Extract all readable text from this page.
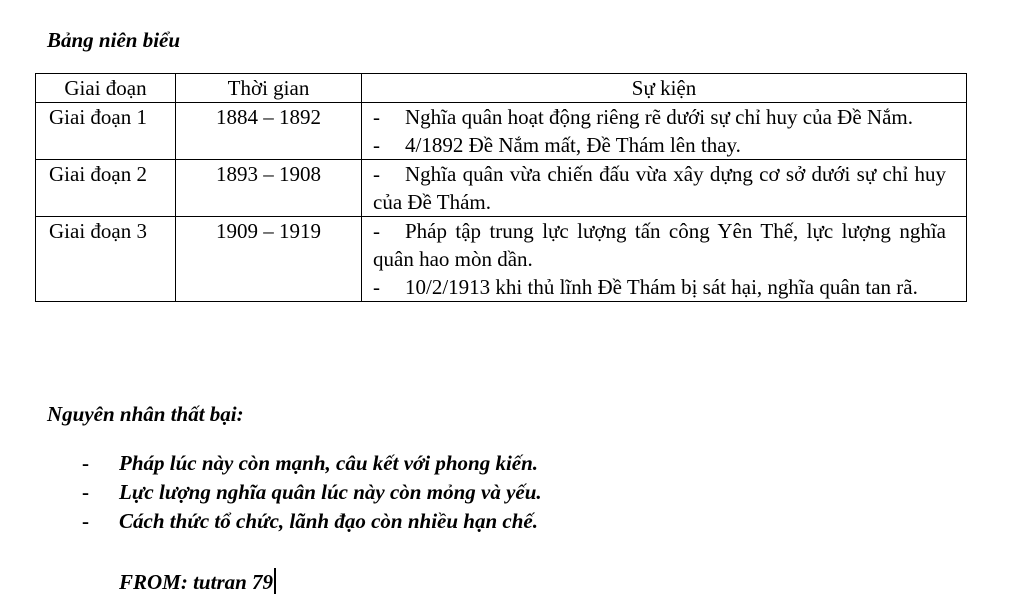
Bảng niên biểu
Giai đoạn	Thời gian	Sự kiện
Giai đoạn 1	1884 – 1892	- Nghĩa quân hoạt động riêng rẽ dưới sự chỉ huy của Đề Nắm.
- 4/1892 Đề Nắm mất, Đề Thám lên thay.

Giai đoạn 2	1893 – 1908	- Nghĩa quân vừa chiến đấu vừa xây dựng cơ sở dưới sự chỉ huy của Đề Thám.

Giai đoạn 3	1909 – 1919	- Pháp tập trung lực lượng tấn công Yên Thế, lực lượng nghĩa quân hao mòn dần.
- 10/2/1913 khi thủ lĩnh Đề Thám bị sát hại, nghĩa quân tan rã.
Nguyên nhân thất bại:
- Pháp lúc này còn mạnh, câu kết với phong kiến.
- Lực lượng nghĩa quân lúc này còn mỏng và yếu.
- Cách thức tổ chức, lãnh đạo còn nhiều hạn chế.
FROM: tutran 79
